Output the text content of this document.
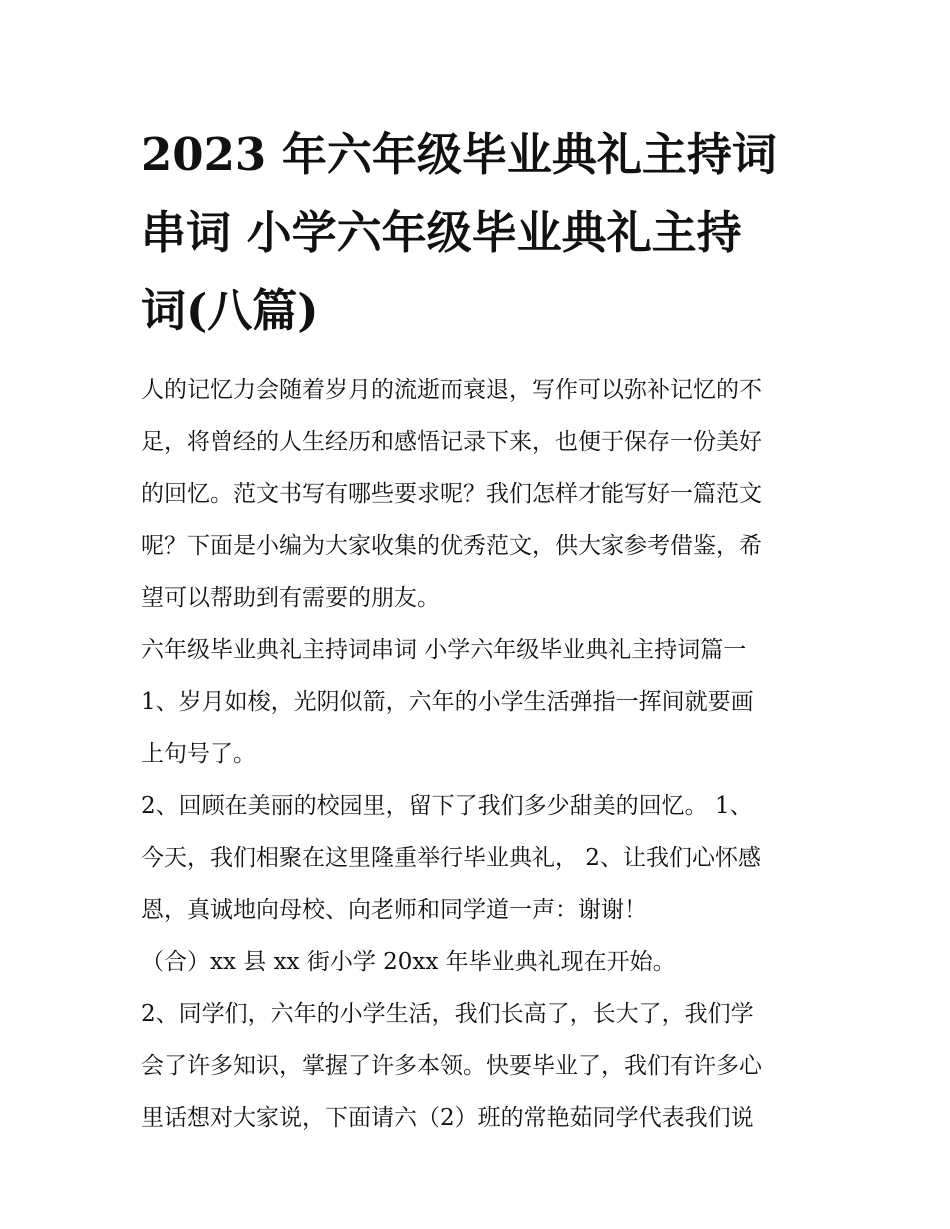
2023 年六年级毕业典礼主持词
串词 小学六年级毕业典礼主持
词(八篇)

人的记忆力会随着岁月的流逝而衰退，写作可以弥补记忆的不
足，将曾经的人生经历和感悟记录下来，也便于保存一份美好
的回忆。范文书写有哪些要求呢？我们怎样才能写好一篇范文
呢？下面是小编为大家收集的优秀范文，供大家参考借鉴，希
望可以帮助到有需要的朋友。

六年级毕业典礼主持词串词 小学六年级毕业典礼主持词篇一

1、岁月如梭，光阴似箭，六年的小学生活弹指一挥间就要画
上句号了。

2、回顾在美丽的校园里，留下了我们多少甜美的回忆。 1、
今天，我们相聚在这里隆重举行毕业典礼， 2、让我们心怀感
恩，真诚地向母校、向老师和同学道一声：谢谢！

（合）xx 县 xx 街小学 20xx 年毕业典礼现在开始。

2、同学们，六年的小学生活，我们长高了，长大了，我们学
会了许多知识，掌握了许多本领。快要毕业了，我们有许多心
里话想对大家说，下面请六（2）班的常艳茹同学代表我们说
